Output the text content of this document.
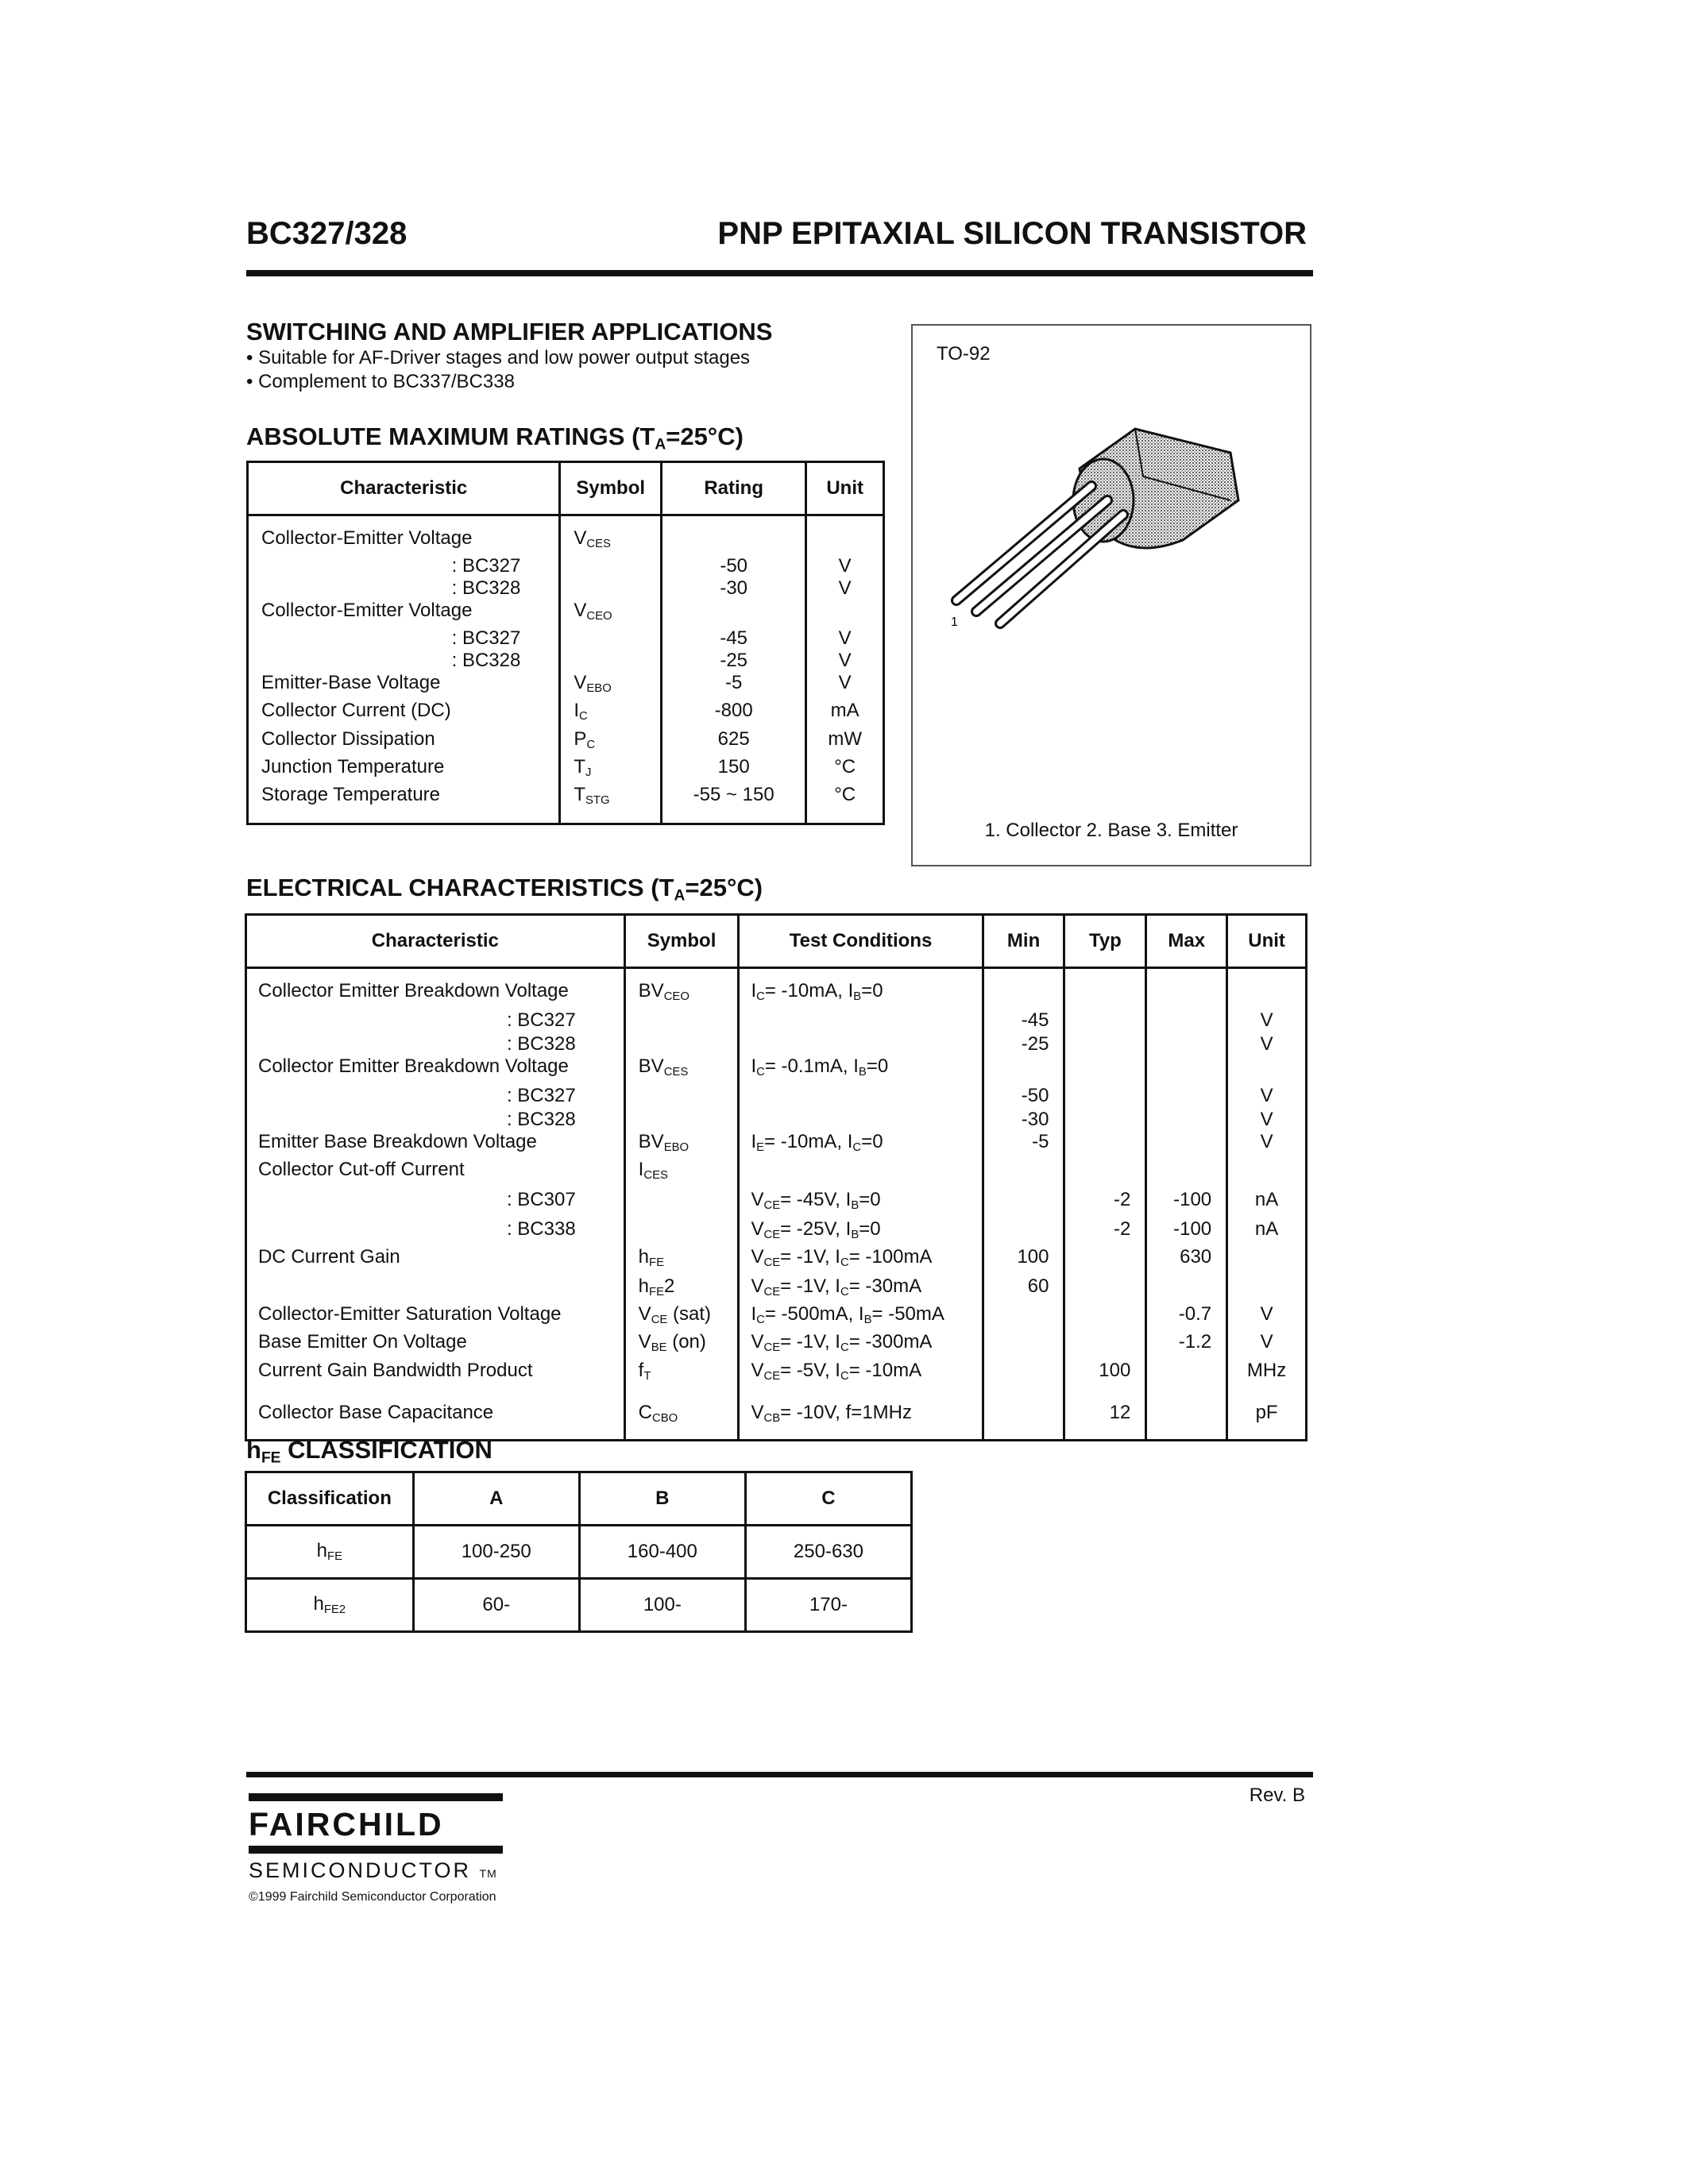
BC327/328	PNP EPITAXIAL SILICON TRANSISTOR
SWITCHING AND AMPLIFIER APPLICATIONS
• Suitable for AF-Driver stages and low power output stages
• Complement to BC337/BC338
ABSOLUTE MAXIMUM RATINGS $(T_A=25^\circ C)$
Characteristic	Symbol	Rating	Unit

Collector-Emitter Voltage	$V_{CES}$		
: BC327		-50	V
: BC328		-30	V
Collector-Emitter Voltage	$V_{CEO}$		
: BC327		-45	V
: BC328		-25	V
Emitter-Base Voltage	$V_{EBO}$	-5	V
Collector Current (DC)	$I_C$	-800	mA
Collector Dissipation	$P_C$	625	mW
Junction Temperature	$T_J$	150	°C
Storage Temperature	$T_{STG}$	-55 ~ 150	°C

TO-92
1
1. Collector 2. Base 3. Emitter
ELECTRICAL CHARACTERISTICS $(T_A=25^\circ C)$
Characteristic	Symbol	Test Conditions	Min	Typ	Max	Unit

Collector Emitter Breakdown Voltage	$BV_{CEO}$	$I_C= -10mA$, $I_B=0$				
: BC327			-45			V
: BC328			-25			V
Collector Emitter Breakdown Voltage	$BV_{CES}$	$I_C= -0.1mA$, $I_B=0$				
: BC327			-50			V
: BC328			-30			V
Emitter Base Breakdown Voltage	$BV_{EBO}$	$I_E= -10mA$, $I_C=0$	-5			V
Collector Cut-off Current	$I_{CES}$					
: BC307		$V_{CE}= -45V$, $I_B=0$		-2	-100	nA
: BC338		$V_{CE}= -25V$, $I_B=0$		-2	-100	nA
DC Current Gain	$h_{FE}$	$V_{CE}= -1V$, $I_C= -100mA$	100		630	
	$h_{FE}2$	$V_{CE}= -1V$, $I_C= -30mA$	60			
Collector-Emitter Saturation Voltage	$V_{CE}$ (sat)	$I_C= -500mA$, $I_B= -50mA$			-0.7	V
Base Emitter On Voltage	$V_{BE}$ (on)	$V_{CE}= -1V$, $I_C= -300mA$			-1.2	V
Current Gain Bandwidth Product	$f_T$	$V_{CE}= -5V$, $I_C= -10mA$		100		MHz

Collector Base Capacitance	$C_{CBO}$	$V_{CB}= -10V$, f=1MHz		12		pF

$h_{FE}$ CLASSIFICATION
Classification	A	B	C
$h_{FE}$	100-250	160-400	250-630
$h_{FE2}$	60-	100-	170-
Rev. B
FAIRCHILD
SEMICONDUCTOR TM
©1999 Fairchild Semiconductor Corporation
